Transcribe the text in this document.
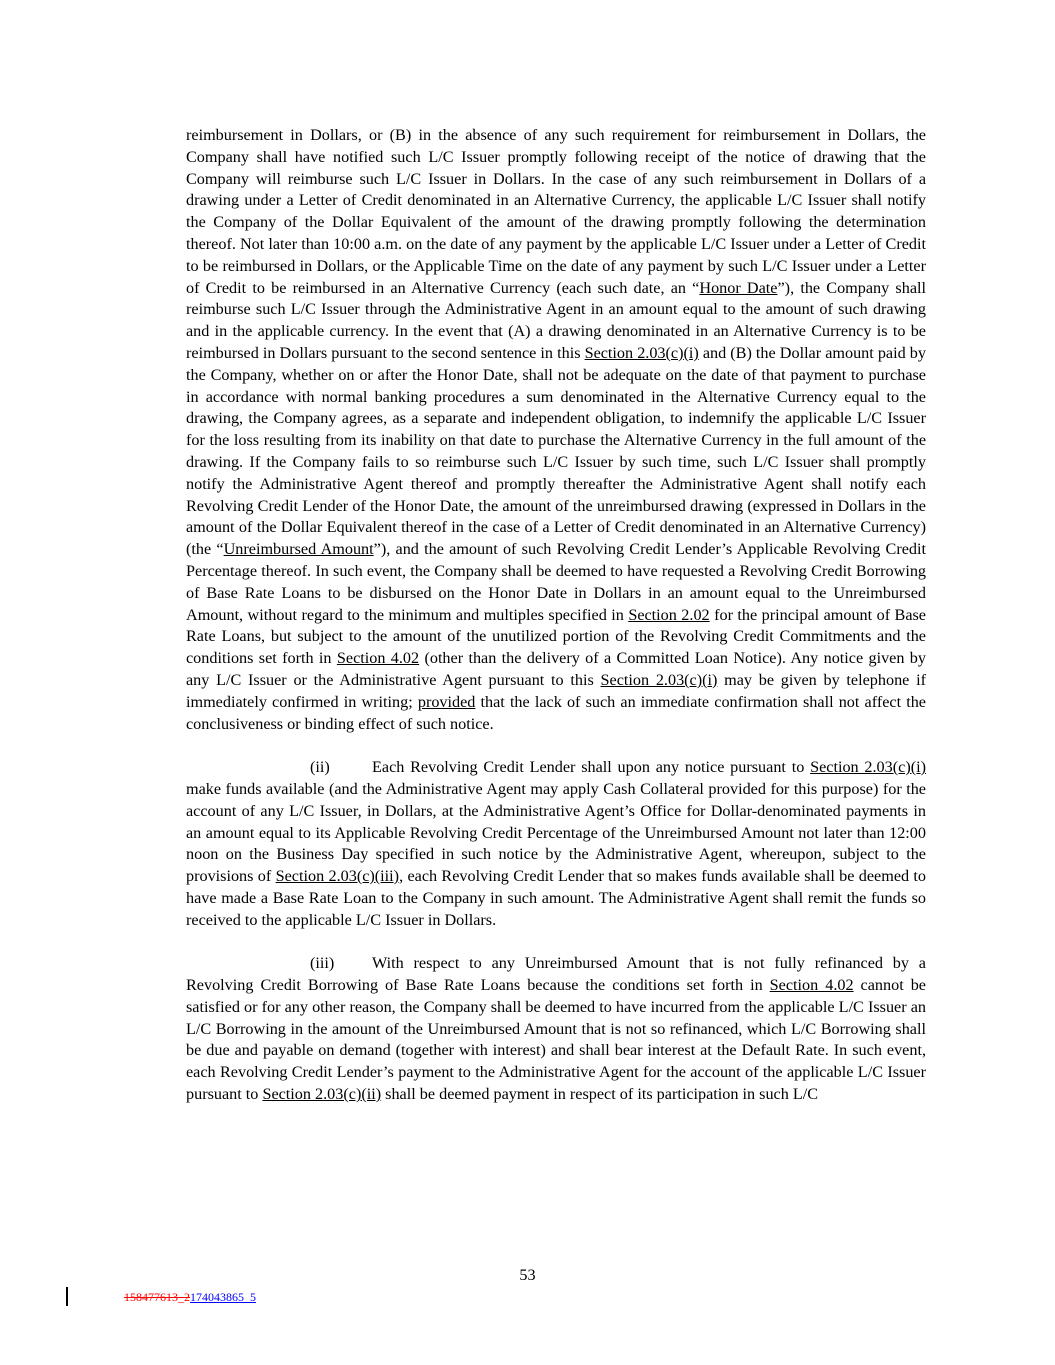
reimbursement in Dollars, or (B) in the absence of any such requirement for reimbursement in Dollars, the Company shall have notified such L/C Issuer promptly following receipt of the notice of drawing that the Company will reimburse such L/C Issuer in Dollars. In the case of any such reimbursement in Dollars of a drawing under a Letter of Credit denominated in an Alternative Currency, the applicable L/C Issuer shall notify the Company of the Dollar Equivalent of the amount of the drawing promptly following the determination thereof. Not later than 10:00 a.m. on the date of any payment by the applicable L/C Issuer under a Letter of Credit to be reimbursed in Dollars, or the Applicable Time on the date of any payment by such L/C Issuer under a Letter of Credit to be reimbursed in an Alternative Currency (each such date, an “Honor Date”), the Company shall reimburse such L/C Issuer through the Administrative Agent in an amount equal to the amount of such drawing and in the applicable currency. In the event that (A) a drawing denominated in an Alternative Currency is to be reimbursed in Dollars pursuant to the second sentence in this Section 2.03(c)(i) and (B) the Dollar amount paid by the Company, whether on or after the Honor Date, shall not be adequate on the date of that payment to purchase in accordance with normal banking procedures a sum denominated in the Alternative Currency equal to the drawing, the Company agrees, as a separate and independent obligation, to indemnify the applicable L/C Issuer for the loss resulting from its inability on that date to purchase the Alternative Currency in the full amount of the drawing. If the Company fails to so reimburse such L/C Issuer by such time, such L/C Issuer shall promptly notify the Administrative Agent thereof and promptly thereafter the Administrative Agent shall notify each Revolving Credit Lender of the Honor Date, the amount of the unreimbursed drawing (expressed in Dollars in the amount of the Dollar Equivalent thereof in the case of a Letter of Credit denominated in an Alternative Currency) (the “Unreimbursed Amount”), and the amount of such Revolving Credit Lender’s Applicable Revolving Credit Percentage thereof. In such event, the Company shall be deemed to have requested a Revolving Credit Borrowing of Base Rate Loans to be disbursed on the Honor Date in Dollars in an amount equal to the Unreimbursed Amount, without regard to the minimum and multiples specified in Section 2.02 for the principal amount of Base Rate Loans, but subject to the amount of the unutilized portion of the Revolving Credit Commitments and the conditions set forth in Section 4.02 (other than the delivery of a Committed Loan Notice). Any notice given by any L/C Issuer or the Administrative Agent pursuant to this Section 2.03(c)(i) may be given by telephone if immediately confirmed in writing; provided that the lack of such an immediate confirmation shall not affect the conclusiveness or binding effect of such notice.

(ii)	Each Revolving Credit Lender shall upon any notice pursuant to Section 2.03(c)(i) make funds available (and the Administrative Agent may apply Cash Collateral provided for this purpose) for the account of any L/C Issuer, in Dollars, at the Administrative Agent’s Office for Dollar-denominated payments in an amount equal to its Applicable Revolving Credit Percentage of the Unreimbursed Amount not later than 12:00 noon on the Business Day specified in such notice by the Administrative Agent, whereupon, subject to the provisions of Section 2.03(c)(iii), each Revolving Credit Lender that so makes funds available shall be deemed to have made a Base Rate Loan to the Company in such amount. The Administrative Agent shall remit the funds so received to the applicable L/C Issuer in Dollars.

(iii) With respect to any Unreimbursed Amount that is not fully refinanced by a Revolving Credit Borrowing of Base Rate Loans because the conditions set forth in Section 4.02 cannot be satisfied or for any other reason, the Company shall be deemed to have incurred from the applicable L/C Issuer an L/C Borrowing in the amount of the Unreimbursed Amount that is not so refinanced, which L/C Borrowing shall be due and payable on demand (together with interest) and shall bear interest at the Default Rate. In such event, each Revolving Credit Lender’s payment to the Administrative Agent for the account of the applicable L/C Issuer pursuant to Section 2.03(c)(ii) shall be deemed payment in respect of its participation in such L/C

53
158477613_2174043865_5
